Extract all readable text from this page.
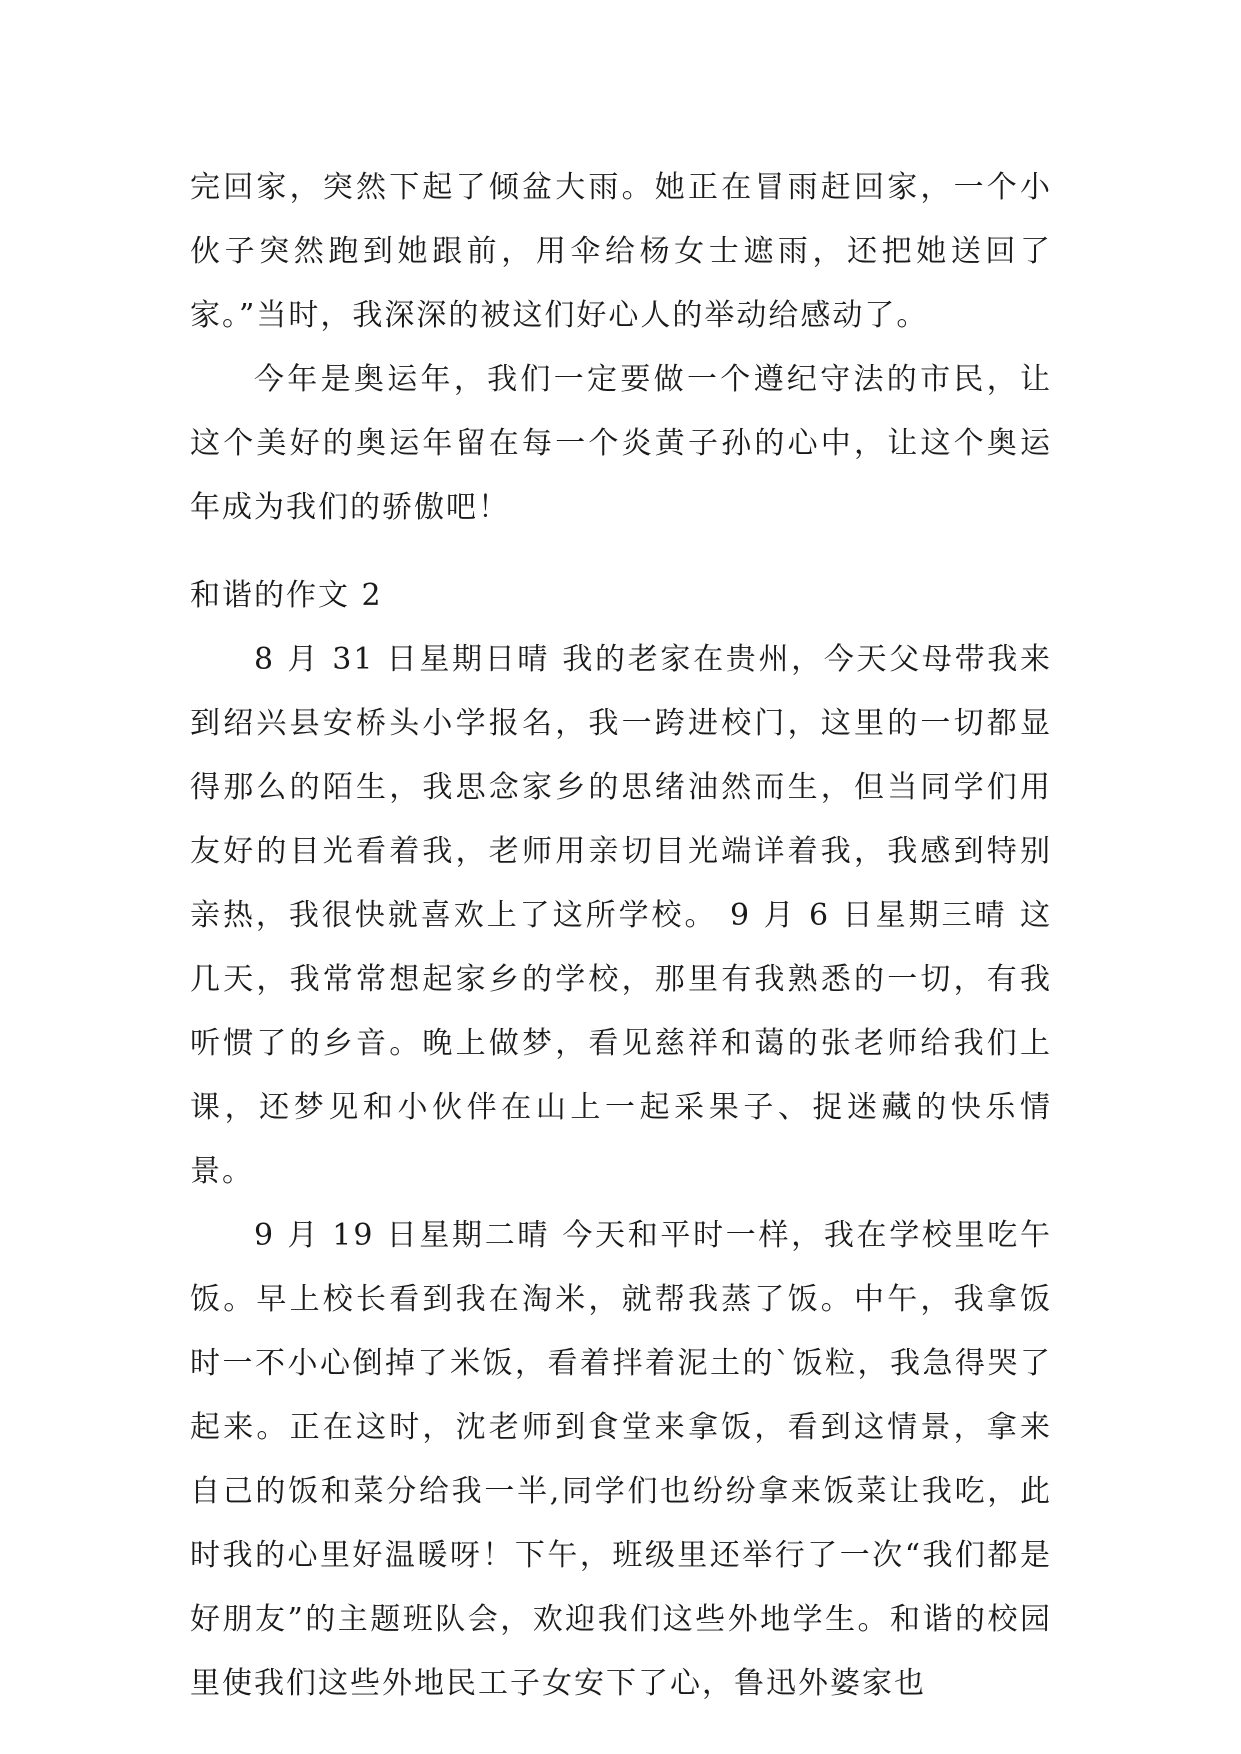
完回家，突然下起了倾盆大雨。她正在冒雨赶回家，一个小伙子突然跑到她跟前，用伞给杨女士遮雨，还把她送回了家。”当时，我深深的被这们好心人的举动给感动了。

今年是奥运年，我们一定要做一个遵纪守法的市民，让这个美好的奥运年留在每一个炎黄子孙的心中，让这个奥运年成为我们的骄傲吧！

和谐的作文 2

8 月 31 日星期日晴 我的老家在贵州，今天父母带我来到绍兴县安桥头小学报名，我一跨进校门，这里的一切都显得那么的陌生，我思念家乡的思绪油然而生，但当同学们用友好的目光看着我，老师用亲切目光端详着我，我感到特别亲热，我很快就喜欢上了这所学校。 9 月 6 日星期三晴 这几天，我常常想起家乡的学校，那里有我熟悉的一切，有我听惯了的乡音。晚上做梦，看见慈祥和蔼的张老师给我们上课，还梦见和小伙伴在山上一起采果子、捉迷藏的快乐情景。

9 月 19 日星期二晴 今天和平时一样，我在学校里吃午饭。早上校长看到我在淘米，就帮我蒸了饭。中午，我拿饭时一不小心倒掉了米饭，看着拌着泥土的`饭粒，我急得哭了起来。正在这时，沈老师到食堂来拿饭，看到这情景，拿来自己的饭和菜分给我一半,同学们也纷纷拿来饭菜让我吃，此时我的心里好温暖呀！下午，班级里还举行了一次“我们都是好朋友”的主题班队会，欢迎我们这些外地学生。和谐的校园里使我们这些外地民工子女安下了心，鲁迅外婆家也
